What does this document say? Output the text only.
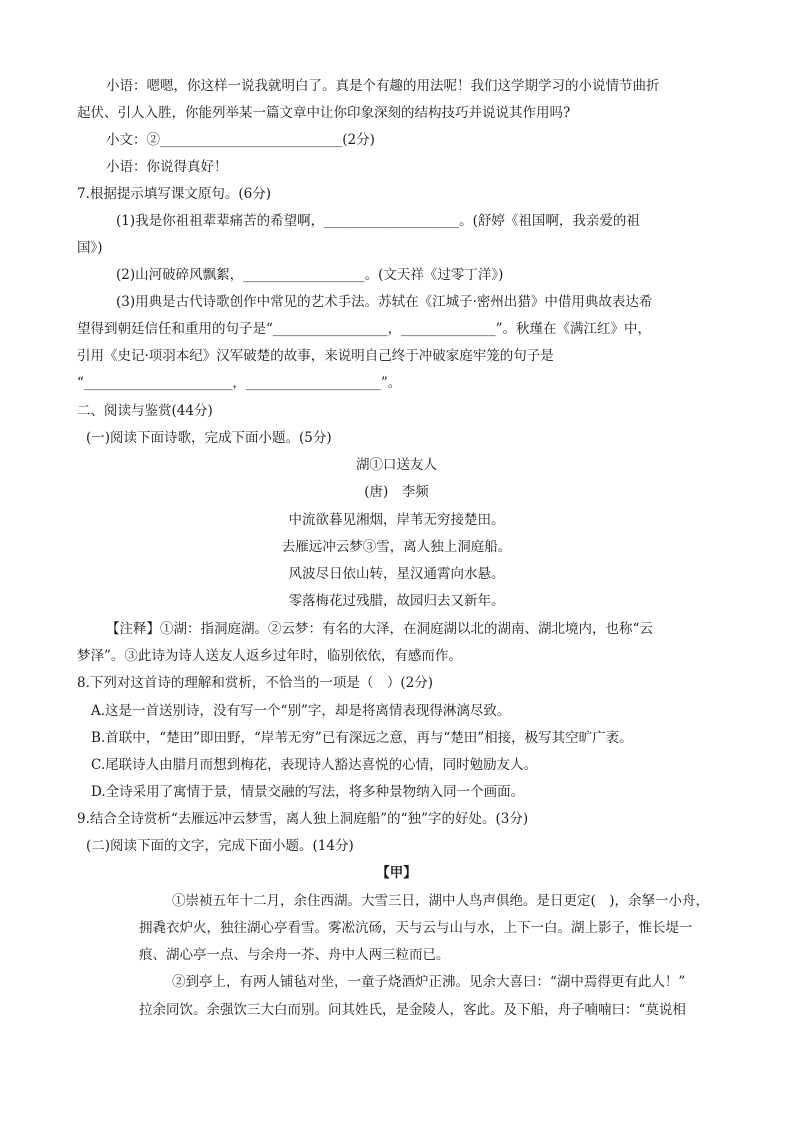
小语：嗯嗯，你这样一说我就明白了。真是个有趣的用法呢！我们这学期学习的小说情节曲折
起伏、引人入胜，你能列举某一篇文章中让你印象深刻的结构技巧并说说其作用吗?
小文：②___________________________(2分)
小语：你说得真好！
7.根据提示填写课文原句。(6分)
(1)我是你祖祖辈辈痛苦的希望啊，____________________。(舒婷《祖国啊，我亲爱的祖
国》)
(2)山河破碎风飘絮，__________________。(文天祥《过零丁洋》)
(3)用典是古代诗歌创作中常见的艺术手法。苏轼在《江城子·密州出猎》中借用典故表达希
望得到朝廷信任和重用的句子是“_________________，______________”。秋瑾在《满江红》中，
引用《史记·项羽本纪》汉军破楚的故事，来说明自己终于冲破家庭牢笼的句子是
“______________________，____________________”。
二、阅读与鉴赏(44分)
(一)阅读下面诗歌，完成下面小题。(5分)
湖①口送友人
(唐)　李频
中流欲暮见湘烟，岸苇无穷接楚田。
去雁远冲云梦③雪，离人独上洞庭船。
风波尽日依山转，星汉通霄向水悬。
零落梅花过残腊，故园归去又新年。
【注释】①湖：指洞庭湖。②云梦：有名的大泽，在洞庭湖以北的湖南、湖北境内，也称“云
梦泽”。③此诗为诗人送友人返乡过年时，临别依依，有感而作。
8.下列对这首诗的理解和赏析，不恰当的一项是（　）(2分)
A.这是一首送别诗，没有写一个“别”字，却是将离情表现得淋漓尽致。
B.首联中，“楚田”即田野，“岸苇无穷”已有深远之意，再与“楚田”相接，极写其空旷广袤。
C.尾联诗人由腊月而想到梅花，表现诗人豁达喜悦的心情，同时勉励友人。
D.全诗采用了寓情于景，情景交融的写法，将多种景物纳入同一个画面。
9.结合全诗赏析“去雁远冲云梦雪，离人独上洞庭船”的“独”字的好处。(3分)
(二)阅读下面的文字，完成下面小题。(14分)
【甲】
①崇祯五年十二月，余住西湖。大雪三日，湖中人鸟声俱绝。是日更定(　)，余拏一小舟，
拥毳衣炉火，独往湖心亭看雪。雾凇沆砀，天与云与山与水，上下一白。湖上影子，惟长堤一
痕、湖心亭一点、与余舟一芥、舟中人两三粒而已。
②到亭上，有两人铺毡对坐，一童子烧酒炉正沸。见余大喜曰：“湖中焉得更有此人！”
拉余同饮。余强饮三大白而别。问其姓氏，是金陵人，客此。及下船，舟子喃喃曰：“莫说相
